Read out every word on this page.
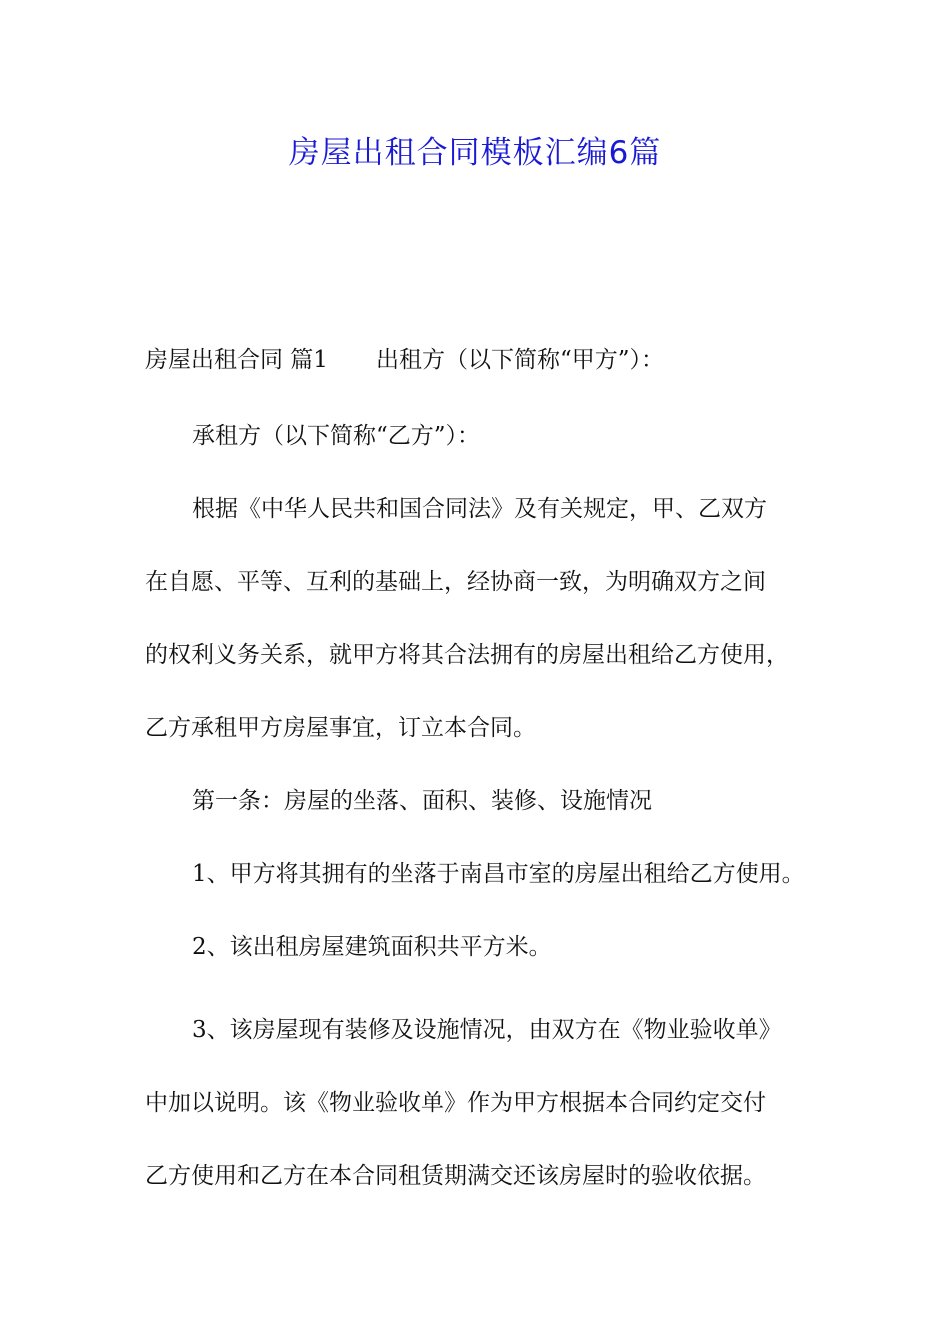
房屋出租合同模板汇编6篇
房屋出租合同 篇1 出租方（以下简称“甲方”）：
承租方（以下简称“乙方”）：
根据《中华人民共和国合同法》及有关规定，甲、乙双方
在自愿、平等、互利的基础上，经协商一致，为明确双方之间
的权利义务关系，就甲方将其合法拥有的房屋出租给乙方使用，
乙方承租甲方房屋事宜，订立本合同。
第一条：房屋的坐落、面积、装修、设施情况
1、甲方将其拥有的坐落于南昌市室的房屋出租给乙方使用。
2、该出租房屋建筑面积共平方米。
3、该房屋现有装修及设施情况，由双方在《物业验收单》
中加以说明。该《物业验收单》作为甲方根据本合同约定交付
乙方使用和乙方在本合同租赁期满交还该房屋时的验收依据。
